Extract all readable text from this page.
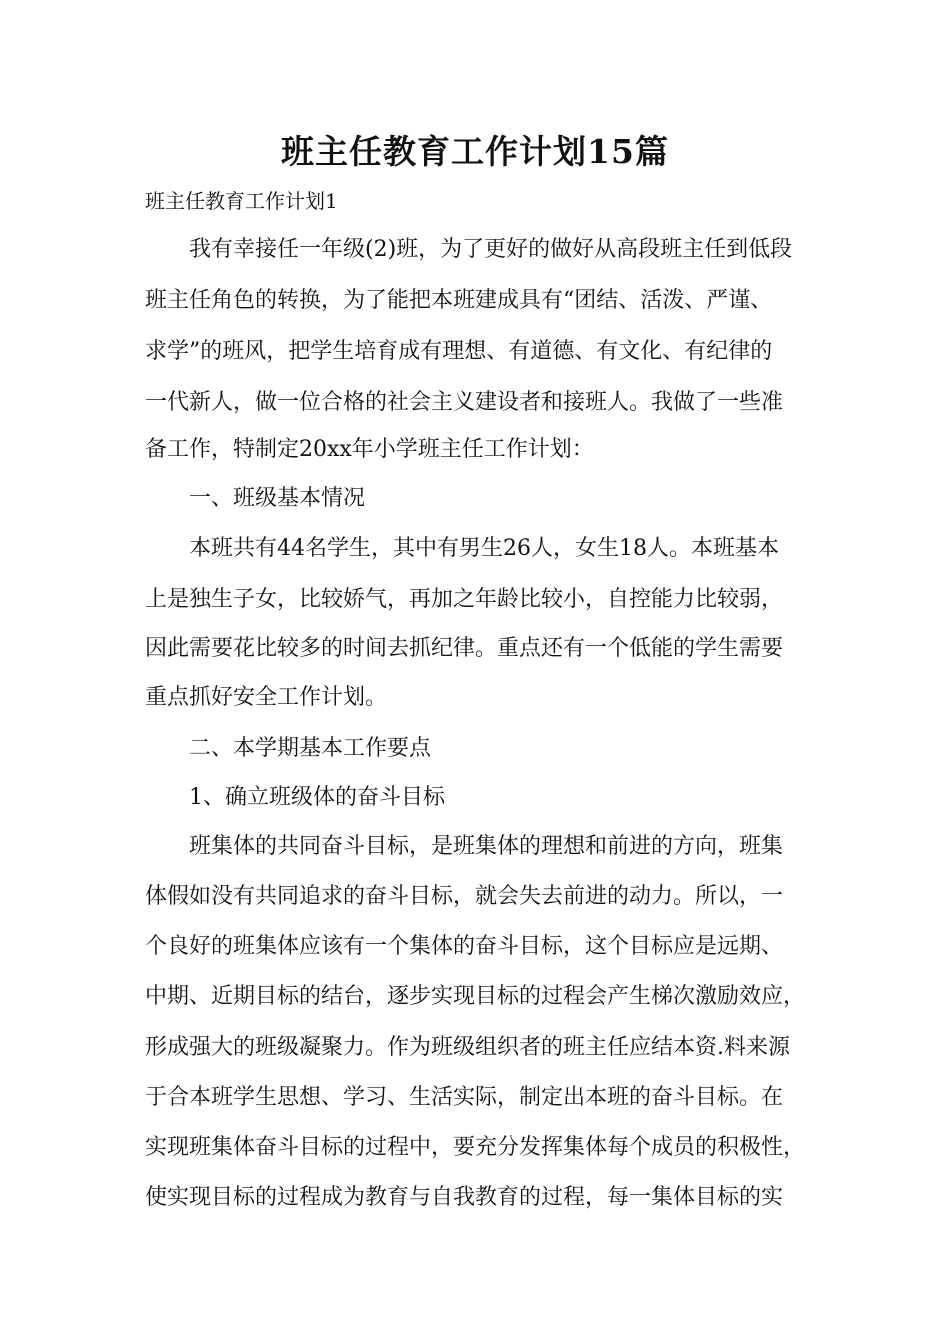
班主任教育工作计划15篇
班主任教育工作计划1
我有幸接任一年级(2)班，为了更好的做好从高段班主任到低段
班主任角色的转换，为了能把本班建成具有“团结、活泼、严谨、
求学”的班风，把学生培育成有理想、有道德、有文化、有纪律的
一代新人，做一位合格的社会主义建设者和接班人。我做了一些准
备工作，特制定20xx年小学班主任工作计划：
一、班级基本情况
本班共有44名学生，其中有男生26人，女生18人。本班基本
上是独生子女，比较娇气，再加之年龄比较小，自控能力比较弱，
因此需要花比较多的时间去抓纪律。重点还有一个低能的学生需要
重点抓好安全工作计划。
二、本学期基本工作要点
1、确立班级体的奋斗目标
班集体的共同奋斗目标，是班集体的理想和前进的方向，班集
体假如没有共同追求的奋斗目标，就会失去前进的动力。所以，一
个良好的班集体应该有一个集体的奋斗目标，这个目标应是远期、
中期、近期目标的结台，逐步实现目标的过程会产生梯次激励效应，
形成强大的班级凝聚力。作为班级组织者的班主任应结本资.料来源
于合本班学生思想、学习、生活实际，制定出本班的奋斗目标。在
实现班集体奋斗目标的过程中，要充分发挥集体每个成员的积极性，
使实现目标的过程成为教育与自我教育的过程，每一集体目标的实
